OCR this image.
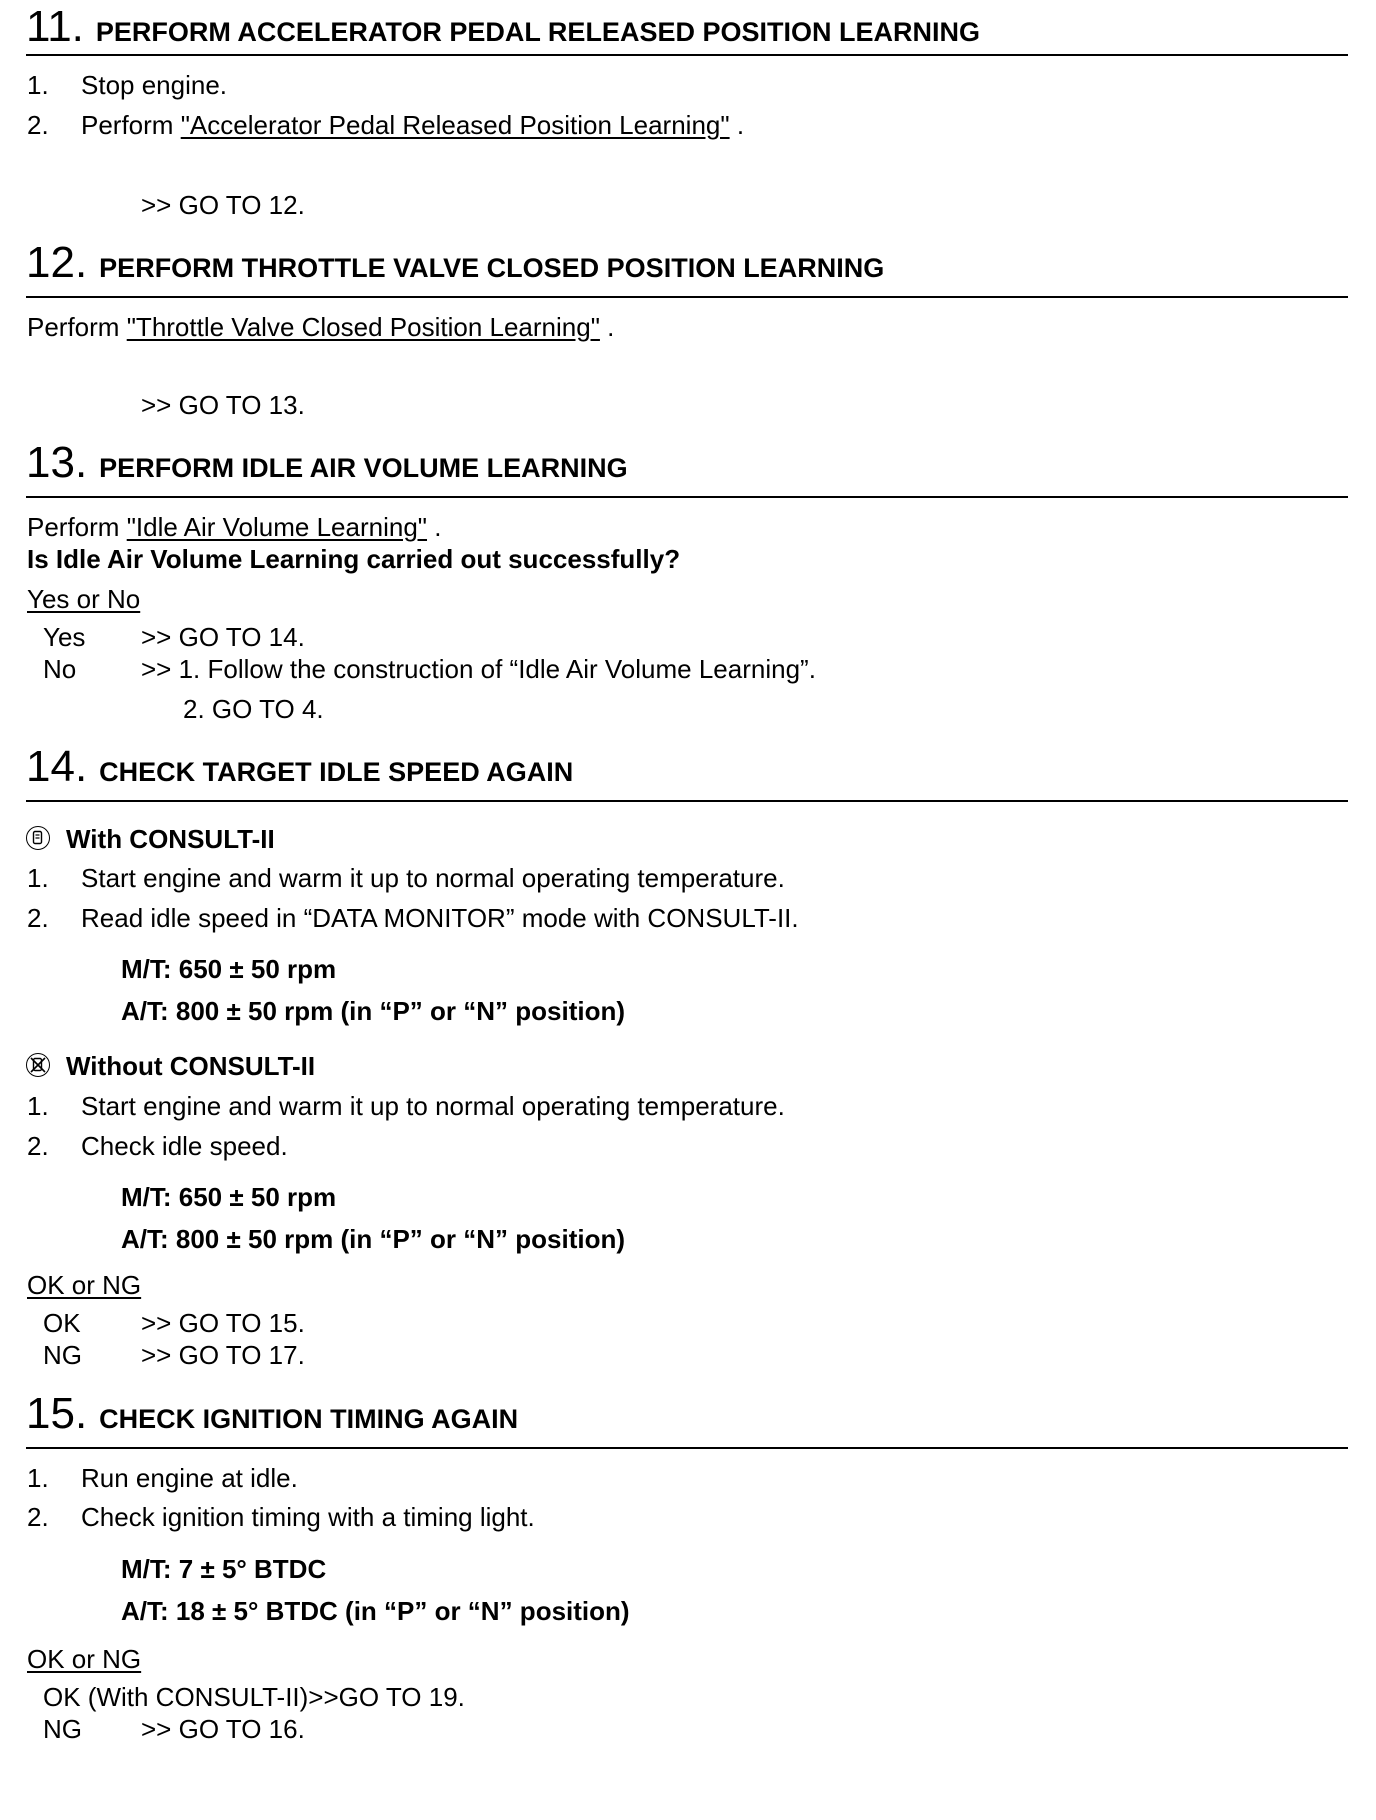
11. PERFORM ACCELERATOR PEDAL RELEASED POSITION LEARNING
1. Stop engine.
2. Perform "Accelerator Pedal Released Position Learning" .
>> GO TO 12.
12. PERFORM THROTTLE VALVE CLOSED POSITION LEARNING
Perform "Throttle Valve Closed Position Learning" .
>> GO TO 13.
13. PERFORM IDLE AIR VOLUME LEARNING
Perform "Idle Air Volume Learning" .
Is Idle Air Volume Learning carried out successfully?
Yes or No
Yes >> GO TO 14.
No >> 1. Follow the construction of “Idle Air Volume Learning”.
2. GO TO 4.
14. CHECK TARGET IDLE SPEED AGAIN
With CONSULT-II
1. Start engine and warm it up to normal operating temperature.
2. Read idle speed in “DATA MONITOR” mode with CONSULT-II.
M/T: 650 ± 50 rpm
A/T: 800 ± 50 rpm (in “P” or “N” position)
Without CONSULT-II
1. Start engine and warm it up to normal operating temperature.
2. Check idle speed.
M/T: 650 ± 50 rpm
A/T: 800 ± 50 rpm (in “P” or “N” position)
OK or NG
OK >> GO TO 15.
NG >> GO TO 17.
15. CHECK IGNITION TIMING AGAIN
1. Run engine at idle.
2. Check ignition timing with a timing light.
M/T: 7 ± 5° BTDC
A/T: 18 ± 5° BTDC (in “P” or “N” position)
OK or NG
OK (With CONSULT-II)>>GO TO 19.
NG >> GO TO 16.
